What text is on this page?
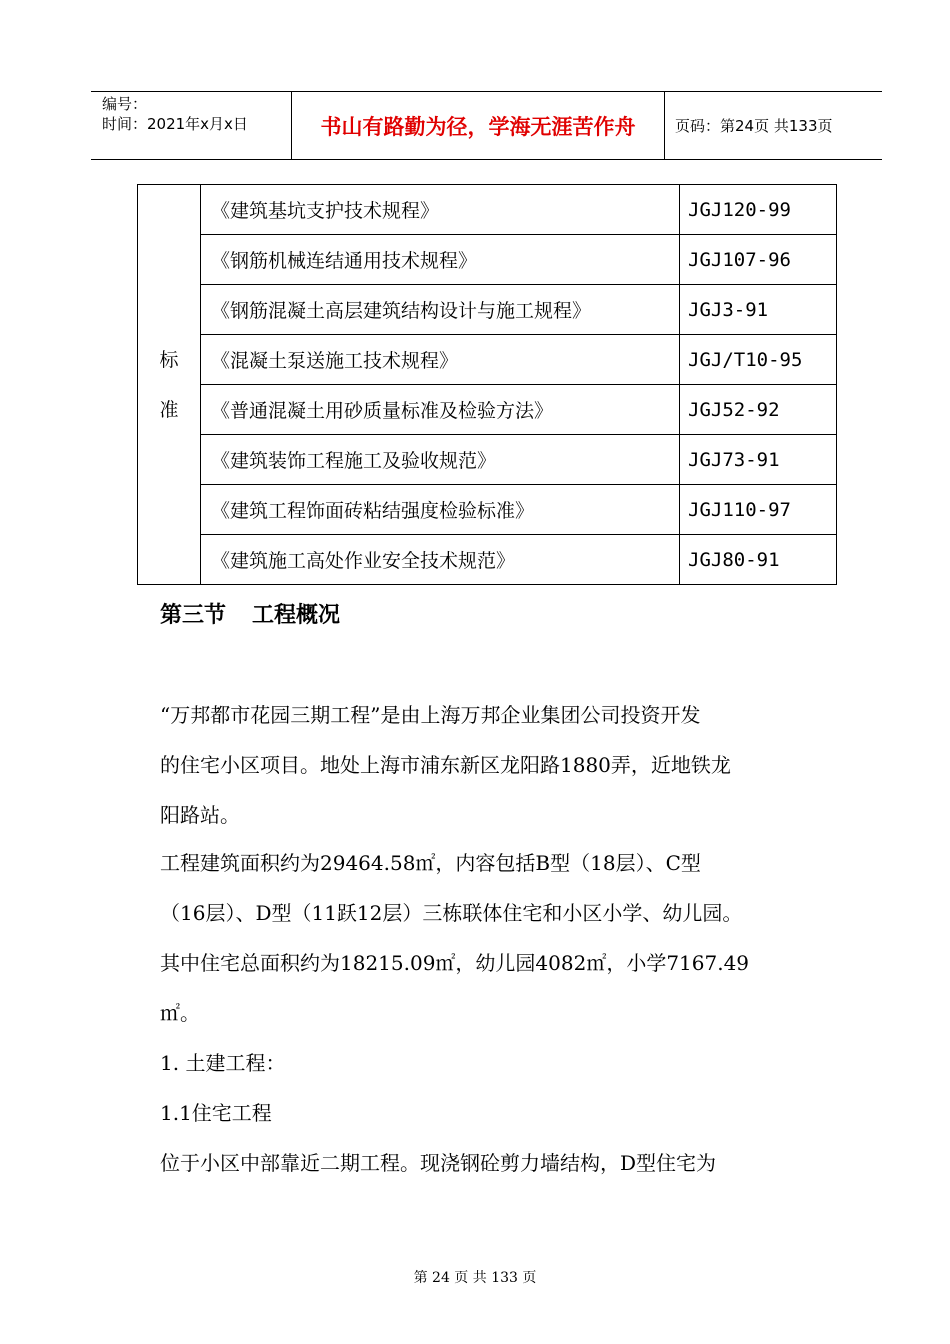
编号：
时间：2021年x月x日	书山有路勤为径，学海无涯苦作舟	页码：第24页 共133页
标
准	《建筑基坑支护技术规程》	JGJ120-99
	《钢筋机械连结通用技术规程》	JGJ107-96
	《钢筋混凝土高层建筑结构设计与施工规程》	JGJ3-91
	《混凝土泵送施工技术规程》	JGJ/T10-95
	《普通混凝土用砂质量标准及检验方法》	JGJ52-92
	《建筑装饰工程施工及验收规范》	JGJ73-91
	《建筑工程饰面砖粘结强度检验标准》	JGJ110-97
	《建筑施工高处作业安全技术规范》	JGJ80-91
第三节 工程概况
“万邦都市花园三期工程”是由上海万邦企业集团公司投资开发
的住宅小区项目。地处上海市浦东新区龙阳路1880弄，近地铁龙
阳路站。
工程建筑面积约为29464.58㎡，内容包括B型（18层）、C型
（16层）、D型（11跃12层）三栋联体住宅和小区小学、幼儿园。
其中住宅总面积约为18215.09㎡，幼儿园4082㎡，小学7167.49
㎡。
1. 土建工程：
1.1住宅工程
位于小区中部靠近二期工程。现浇钢砼剪力墙结构，D型住宅为
第 24 页 共 133 页
